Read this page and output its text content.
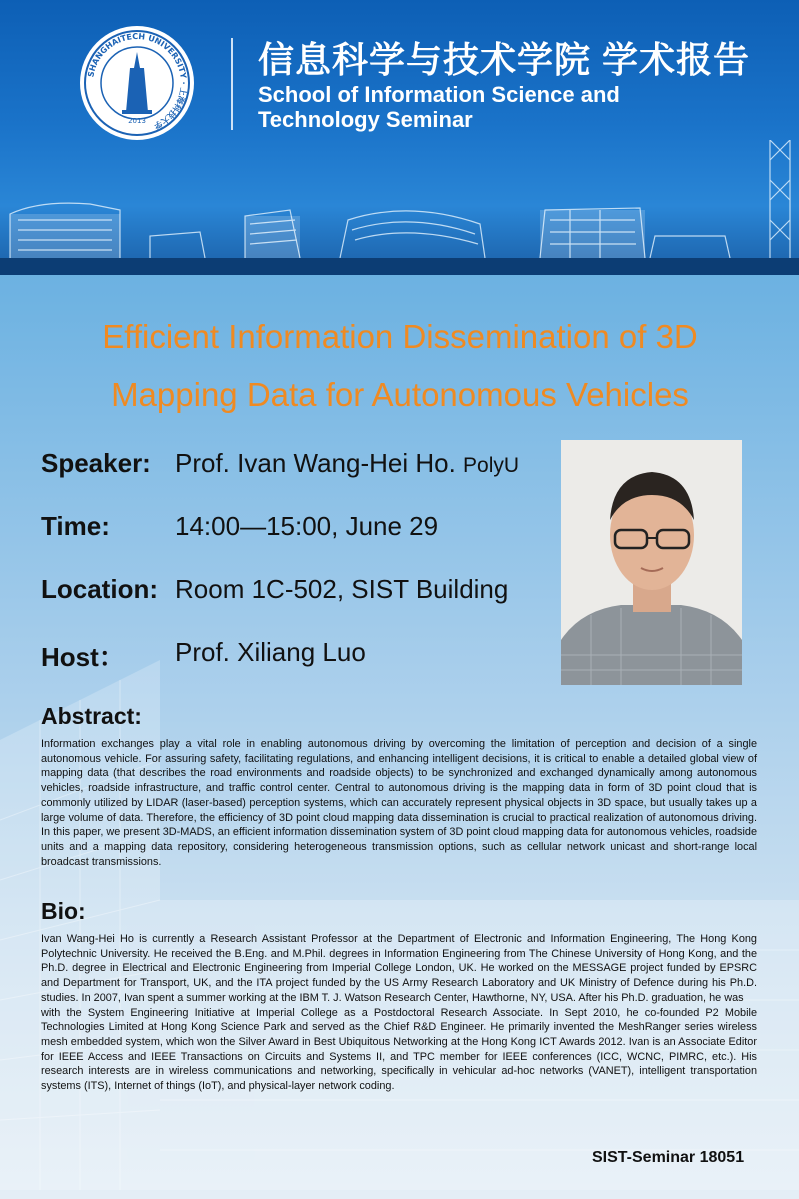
2013
SHANGHAITECH UNIVERSITY · 上海科技大学
信息科学与技术学院 学术报告
School of Information Science and
Technology Seminar
Efficient Information Dissemination of 3D
Mapping Data for Autonomous Vehicles
Speaker: Prof. Ivan Wang-Hei Ho. PolyU
Time:	14:00—15:00, June 29
Location: Room 1C-502, SIST Building
Host： Prof. Xiliang Luo
Abstract:
Information exchanges play a vital role in enabling autonomous driving by overcoming the limitation of perception and decision of a single autonomous vehicle. For assuring safety, facilitating regulations, and enhancing intelligent decisions, it is critical to enable a detailed global view of mapping data (that describes the road environments and roadside objects) to be synchronized and exchanged dynamically among autonomous vehicles, roadside infrastructure, and traffic control center. Central to autonomous driving is the mapping data in form of 3D point cloud that is commonly utilized by LIDAR (laser-based) perception systems, which can accurately represent physical objects in 3D space, but usually takes up a large volume of data. Therefore, the efficiency of 3D point cloud mapping data dissemination is crucial to practical realization of autonomous driving. In this paper, we present 3D-MADS, an efficient information dissemination system of 3D point cloud mapping data for autonomous vehicles, roadside units and a mapping data repository, considering heterogeneous transmission options, such as cellular network unicast and short-range local broadcast transmissions.
Bio:
Ivan Wang-Hei Ho is currently a Research Assistant Professor at the Department of Electronic and Information Engineering, The Hong Kong Polytechnic University. He received the B.Eng. and M.Phil. degrees in Information Engineering from The Chinese University of Hong Kong, and the Ph.D. degree in Electrical and Electronic Engineering from Imperial College London, UK. He worked on the MESSAGE project funded by EPSRC and Department for Transport, UK, and the ITA project funded by the US Army Research Laboratory and UK Ministry of Defence during his Ph.D. studies. In 2007, Ivan spent a summer working at the IBM T. J. Watson Research Center, Hawthorne, NY, USA. After his Ph.D. graduation, he was
with the System Engineering Initiative at Imperial College as a Postdoctoral Research Associate. In Sept 2010, he co-founded P2 Mobile Technologies Limited at Hong Kong Science Park and served as the Chief R&D Engineer. He primarily invented the MeshRanger series wireless mesh embedded system, which won the Silver Award in Best Ubiquitous Networking at the Hong Kong ICT Awards 2012. Ivan is an Associate Editor for IEEE Access and IEEE Transactions on Circuits and Systems II, and TPC member for IEEE conferences (ICC, WCNC, PIMRC, etc.). His research interests are in wireless communications and networking, specifically in vehicular ad-hoc networks (VANET), intelligent transportation systems (ITS), Internet of things (IoT), and physical-layer network coding.
SIST-Seminar 18051
